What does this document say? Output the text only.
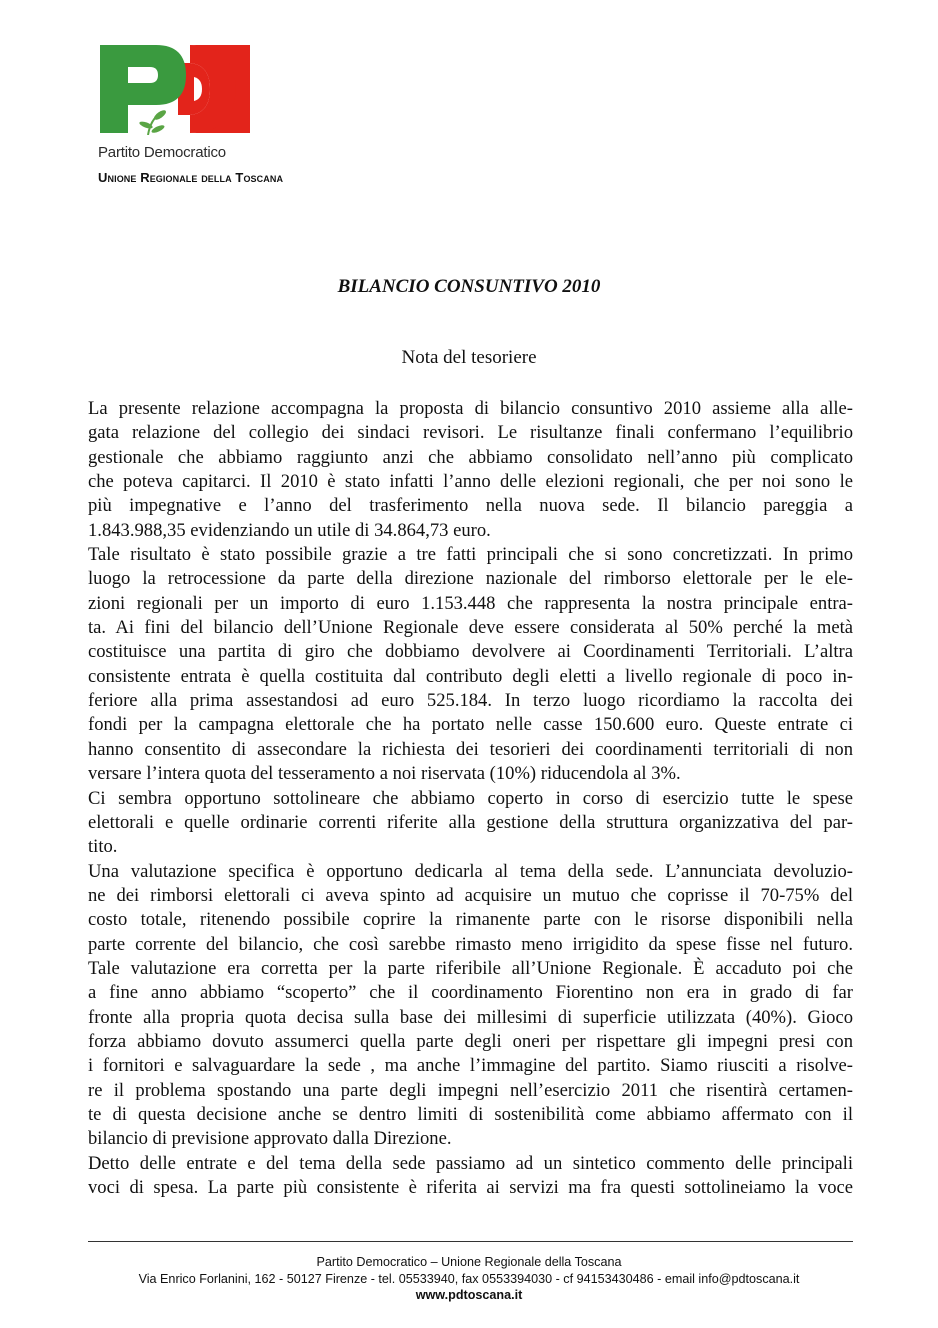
Partito Democratico
Unione Regionale della Toscana
BILANCIO CONSUNTIVO 2010
Nota del tesoriere
La presente relazione accompagna la proposta di bilancio consuntivo 2010 assieme alla alle-
gata relazione del collegio dei sindaci revisori. Le risultanze finali confermano l’equilibrio
gestionale che abbiamo raggiunto anzi che abbiamo consolidato nell’anno più complicato
che poteva capitarci. Il 2010 è stato infatti l’anno delle elezioni regionali, che per noi sono le
più impegnative e l’anno del trasferimento nella nuova sede. Il bilancio pareggia a
1.843.988,35 evidenziando un utile di 34.864,73 euro.
Tale risultato è stato possibile grazie a tre fatti principali che si sono concretizzati. In primo
luogo la retrocessione da parte della direzione nazionale del rimborso elettorale per le ele-
zioni regionali per un importo di euro 1.153.448 che rappresenta la nostra principale entra-
ta. Ai fini del bilancio dell’Unione Regionale deve essere considerata al 50% perché la metà
costituisce una partita di giro che dobbiamo devolvere ai Coordinamenti Territoriali. L’altra
consistente entrata è quella costituita dal contributo degli eletti a livello regionale di poco in-
feriore alla prima assestandosi ad euro 525.184. In terzo luogo ricordiamo la raccolta dei
fondi per la campagna elettorale che ha portato nelle casse 150.600 euro. Queste entrate ci
hanno consentito di assecondare la richiesta dei tesorieri dei coordinamenti territoriali di non
versare l’intera quota del tesseramento a noi riservata (10%) riducendola al 3%.
Ci sembra opportuno sottolineare che abbiamo coperto in corso di esercizio tutte le spese
elettorali e quelle ordinarie correnti riferite alla gestione della struttura organizzativa del par-
tito.
Una valutazione specifica è opportuno dedicarla al tema della sede. L’annunciata devoluzio-
ne dei rimborsi elettorali ci aveva spinto ad acquisire un mutuo che coprisse il 70-75% del
costo totale, ritenendo possibile coprire la rimanente parte con le risorse disponibili nella
parte corrente del bilancio, che così sarebbe rimasto meno irrigidito da spese fisse nel futuro.
Tale valutazione era corretta per la parte riferibile all’Unione Regionale. È accaduto poi che
a fine anno abbiamo “scoperto” che il coordinamento Fiorentino non era in grado di far
fronte alla propria quota decisa sulla base dei millesimi di superficie utilizzata (40%). Gioco
forza abbiamo dovuto assumerci quella parte degli oneri per rispettare gli impegni presi con
i fornitori e salvaguardare la sede , ma anche l’immagine del partito. Siamo riusciti a risolve-
re il problema spostando una parte degli impegni nell’esercizio 2011 che risentirà certamen-
te di questa decisione anche se dentro limiti di sostenibilità come abbiamo affermato con il
bilancio di previsione approvato dalla Direzione.
Detto delle entrate e del tema della sede passiamo ad un sintetico commento delle principali
voci di spesa. La parte più consistente è riferita ai servizi ma fra questi sottolineiamo la voce
Partito Democratico – Unione Regionale della Toscana
Via Enrico Forlanini, 162 - 50127 Firenze - tel. 05533940, fax 0553394030 - cf 94153430486 - email info@pdtoscana.it
www.pdtoscana.it
